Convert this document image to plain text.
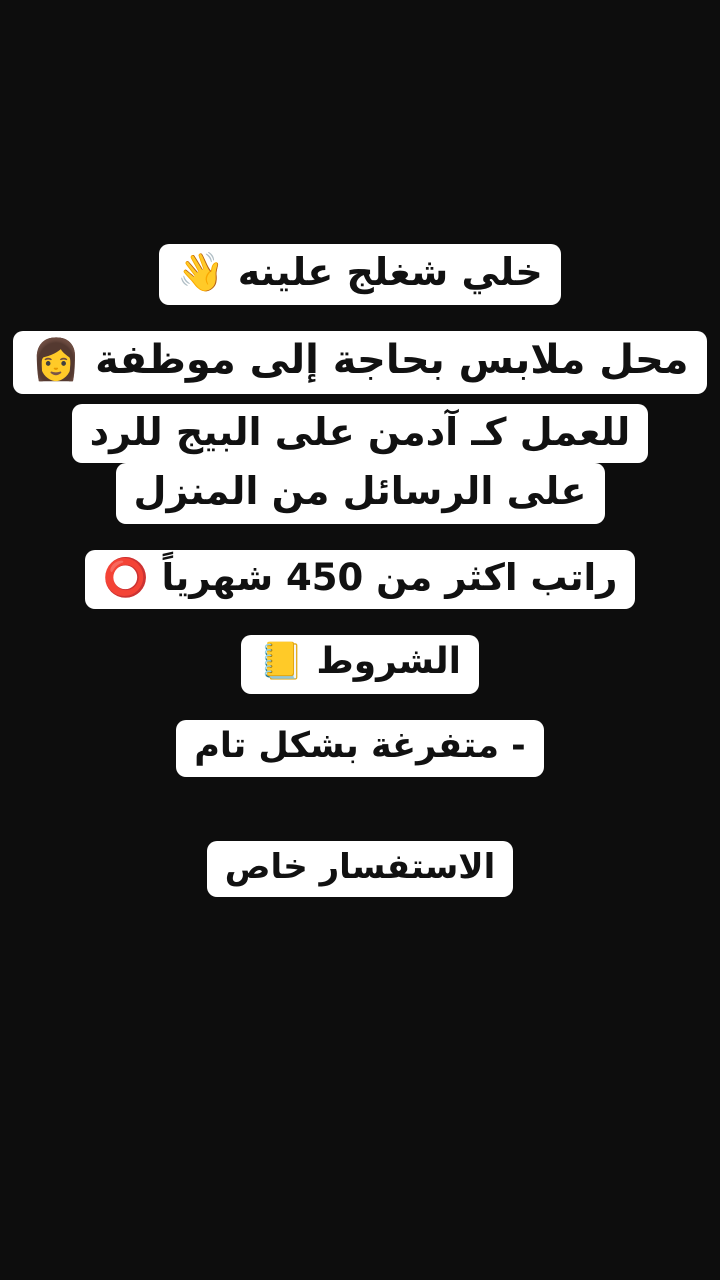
خلي شغلج علينه 👋
محل ملابس بحاجة إلى موظفة 👩
للعمل كـ آدمن على البيج للرد
على الرسائل من المنزل
راتب اكثر من 450 شهرياً ⭕
الشروط 📒
- متفرغة بشكل تام
الاستفسار خاص
